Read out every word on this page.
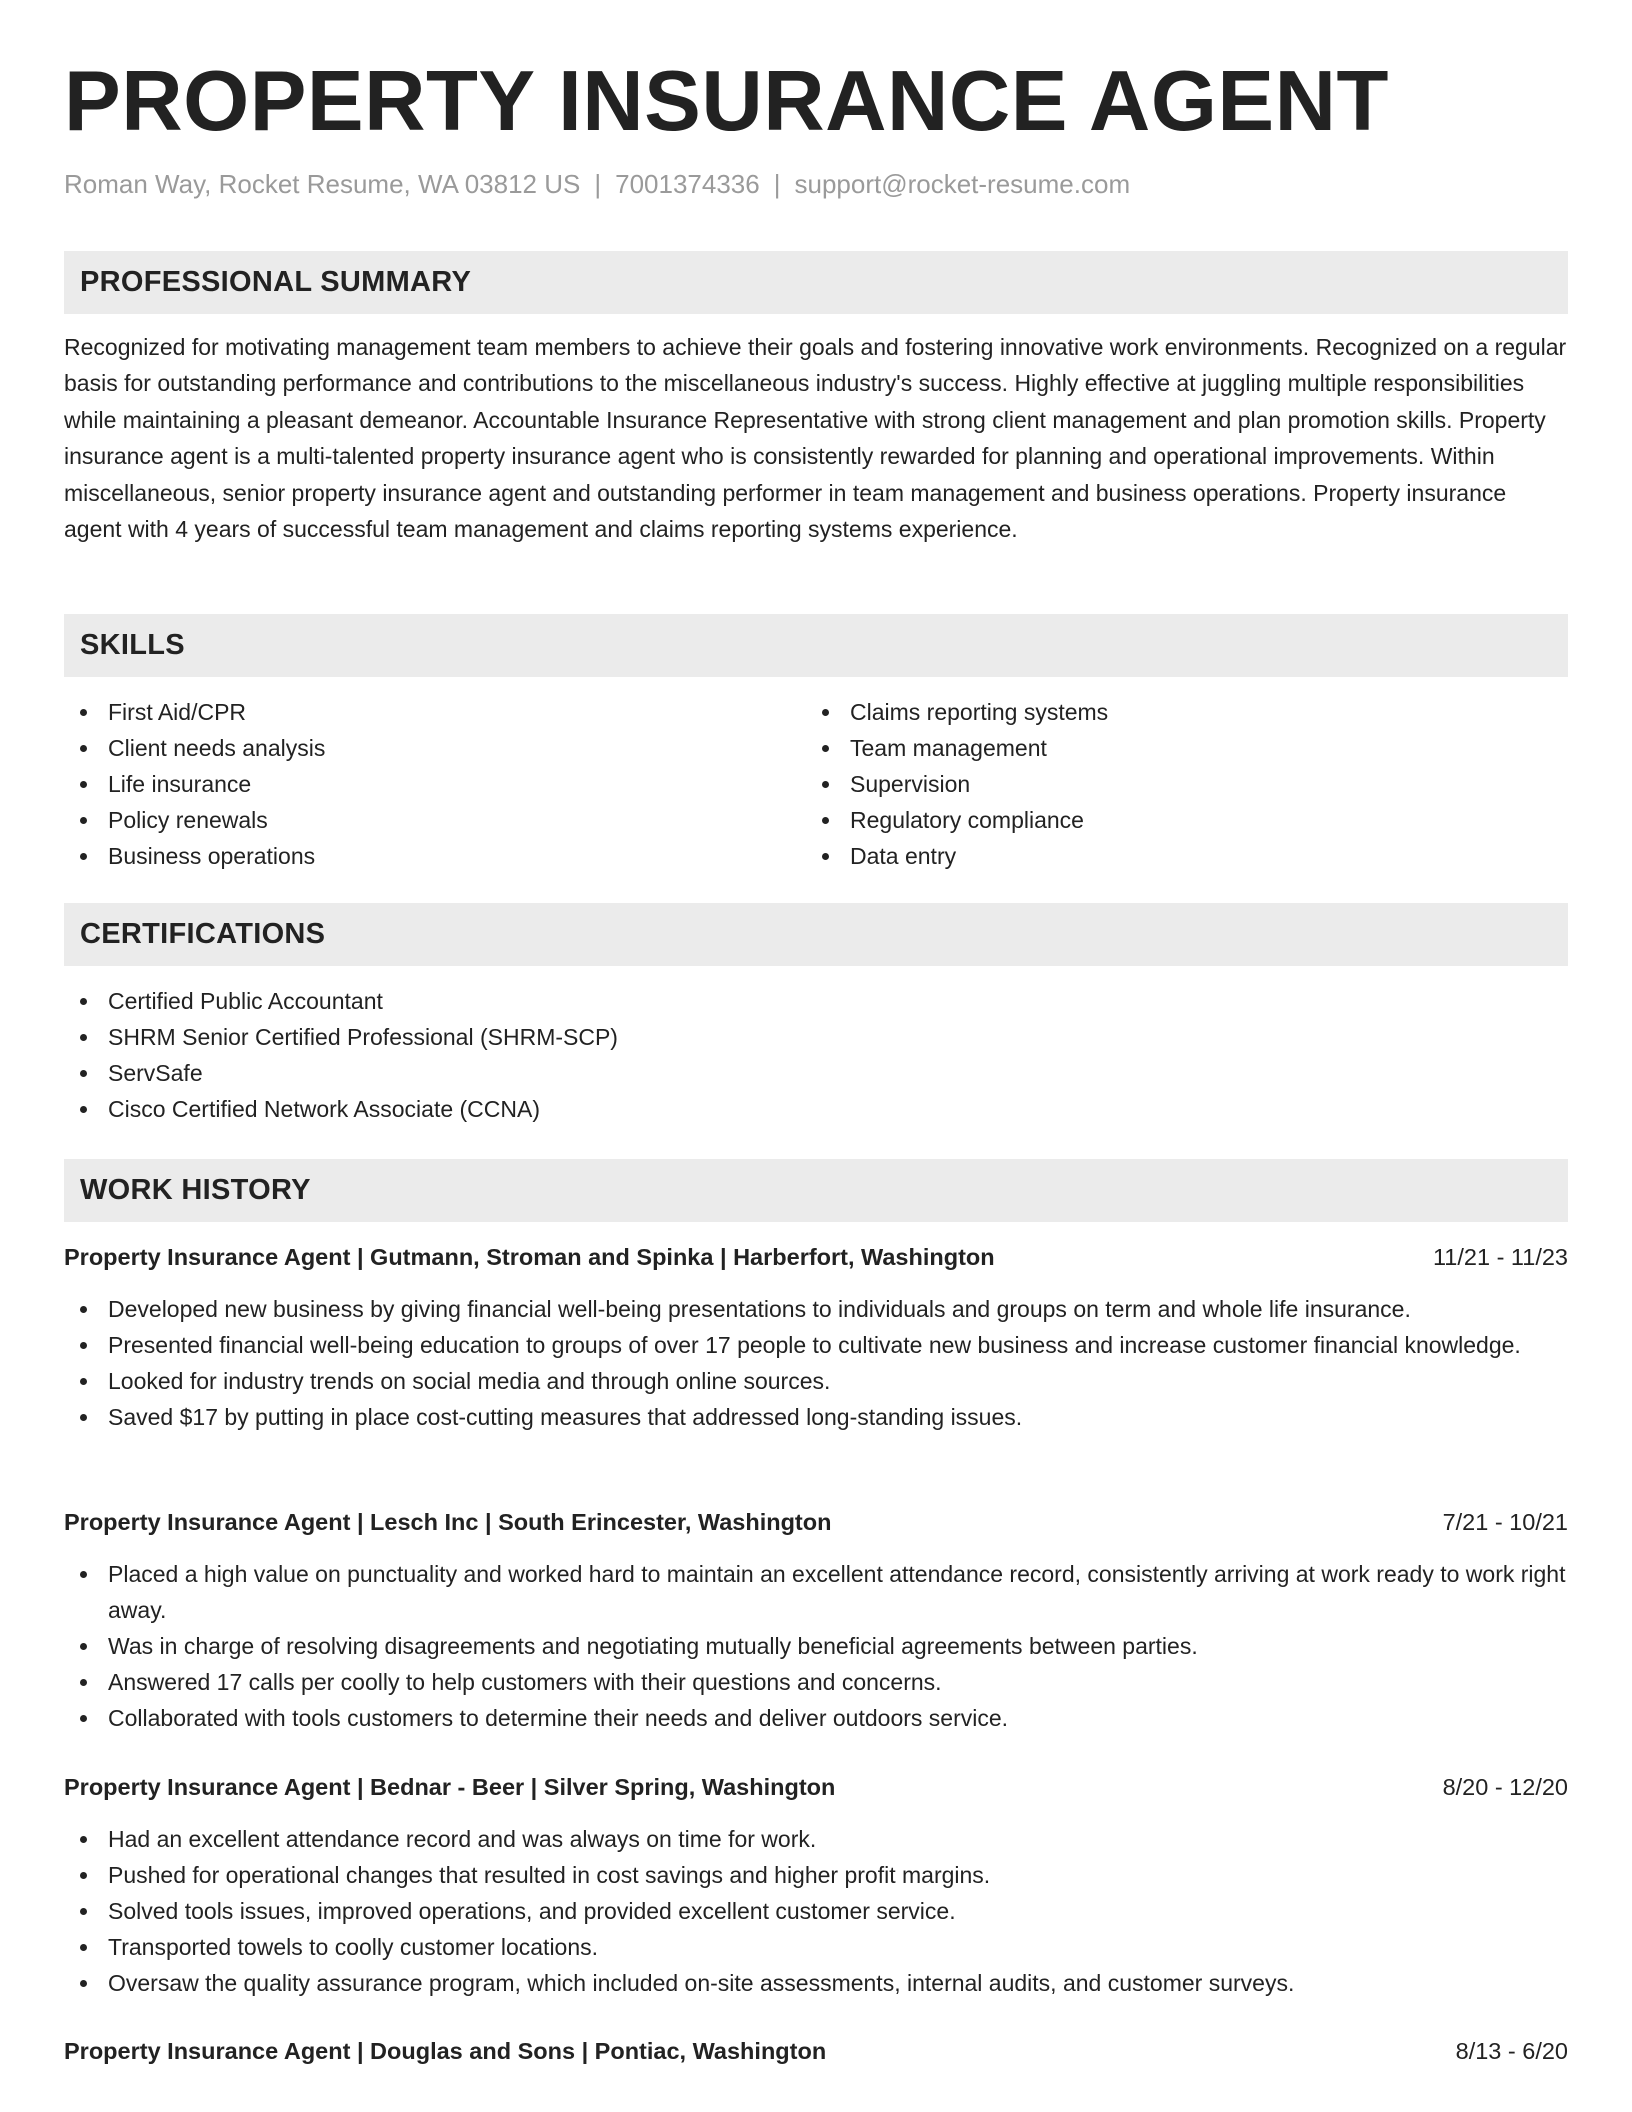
PROPERTY INSURANCE AGENT
Roman Way, Rocket Resume, WA 03812 US | 7001374336 | support@rocket-resume.com
PROFESSIONAL SUMMARY

Recognized for motivating management team members to achieve their goals and fostering innovative work environments. Recognized on a regular basis for outstanding performance and contributions to the miscellaneous industry's success. Highly effective at juggling multiple responsibilities while maintaining a pleasant demeanor. Accountable Insurance Representative with strong client management and plan promotion skills. Property insurance agent is a multi-talented property insurance agent who is consistently rewarded for planning and operational improvements. Within miscellaneous, senior property insurance agent and outstanding performer in team management and business operations. Property insurance agent with 4 years of successful team management and claims reporting systems experience.

SKILLS
First Aid/CPR
Client needs analysis
Life insurance
Policy renewals
Business operations
Claims reporting systems
Team management
Supervision
Regulatory compliance
Data entry
CERTIFICATIONS
Certified Public Accountant
SHRM Senior Certified Professional (SHRM-SCP)
ServSafe
Cisco Certified Network Associate (CCNA)
WORK HISTORY
Property Insurance Agent | Gutmann, Stroman and Spinka | Harberfort, Washington	11/21 - 11/23
Developed new business by giving financial well-being presentations to individuals and groups on term and whole life insurance.
Presented financial well-being education to groups of over 17 people to cultivate new business and increase customer financial knowledge.
Looked for industry trends on social media and through online sources.
Saved $17 by putting in place cost-cutting measures that addressed long-standing issues.
Property Insurance Agent | Lesch Inc | South Erincester, Washington	7/21 - 10/21
Placed a high value on punctuality and worked hard to maintain an excellent attendance record, consistently arriving at work ready to work right away.
Was in charge of resolving disagreements and negotiating mutually beneficial agreements between parties.
Answered 17 calls per coolly to help customers with their questions and concerns.
Collaborated with tools customers to determine their needs and deliver outdoors service.
Property Insurance Agent | Bednar - Beer | Silver Spring, Washington	8/20 - 12/20
Had an excellent attendance record and was always on time for work.
Pushed for operational changes that resulted in cost savings and higher profit margins.
Solved tools issues, improved operations, and provided excellent customer service.
Transported towels to coolly customer locations.
Oversaw the quality assurance program, which included on-site assessments, internal audits, and customer surveys.
Property Insurance Agent | Douglas and Sons | Pontiac, Washington	8/13 - 6/20
